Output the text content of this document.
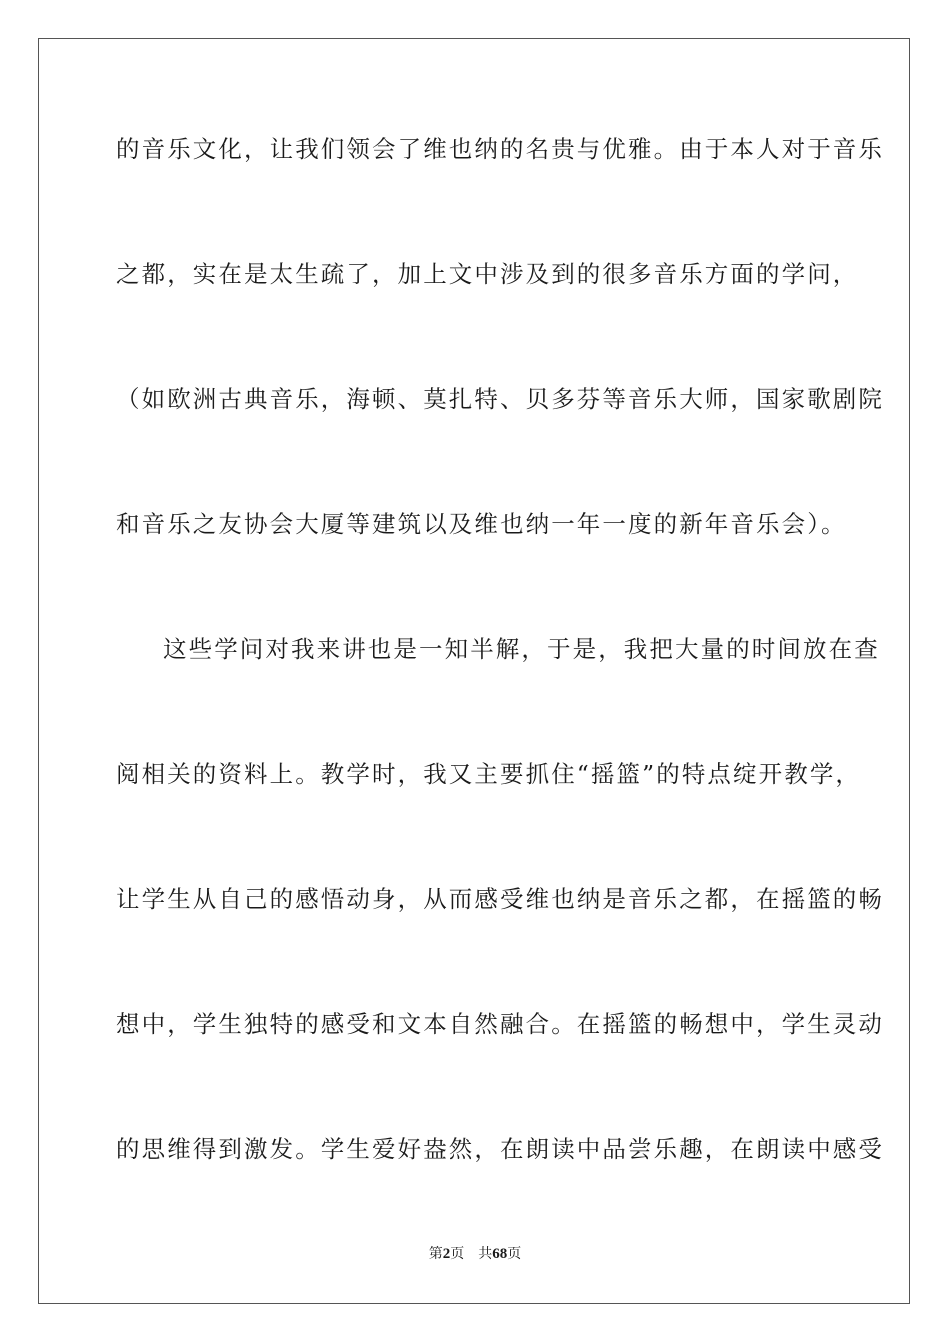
的音乐文化，让我们领会了维也纳的名贵与优雅。由于本人对于音乐
之都，实在是太生疏了，加上文中涉及到的很多音乐方面的学问，
（如欧洲古典音乐，海顿、莫扎特、贝多芬等音乐大师，国家歌剧院
和音乐之友协会大厦等建筑以及维也纳一年一度的新年音乐会）。
这些学问对我来讲也是一知半解，于是，我把大量的时间放在查
阅相关的资料上。教学时，我又主要抓住“摇篮”的特点绽开教学，
让学生从自己的感悟动身，从而感受维也纳是音乐之都，在摇篮的畅
想中，学生独特的感受和文本自然融合。在摇篮的畅想中，学生灵动
的思维得到激发。学生爱好盎然，在朗读中品尝乐趣，在朗读中感受
第2页 共68页
